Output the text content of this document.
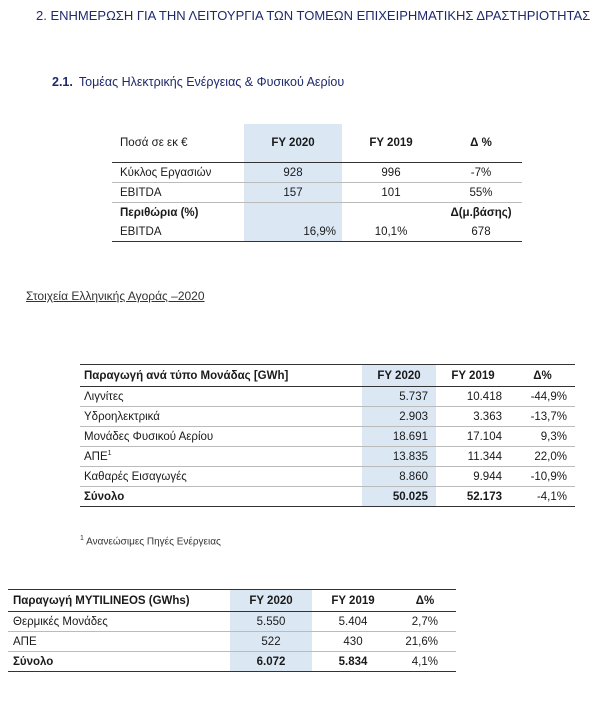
2. ΕΝΗΜΕΡΩΣΗ ΓΙΑ ΤΗΝ ΛΕΙΤΟΥΡΓΙΑ ΤΩΝ ΤΟΜΕΩΝ ΕΠΙΧΕΙΡΗΜΑΤΙΚΗΣ ΔΡΑΣΤΗΡΙΟΤΗΤΑΣ
2.1. Τομέας Ηλεκτρικής Ενέργειας & Φυσικού Αερίου
Ποσά σε εκ €	FY 2020	FY 2019	Δ %
Κύκλος Εργασιών	928	996	-7%
EBITDA	157	101	55%
Περιθώρια (%)			Δ(μ.βάσης)
EBITDA	16,9%	10,1%	678
Στοιχεία Ελληνικής Αγοράς –2020
Παραγωγή ανά τύπο Μονάδας [GWh]	FY 2020	FY 2019	Δ%
Λιγνίτες	5.737	10.418	-44,9%
Υδροηλεκτρικά	2.903	3.363	-13,7%
Μονάδες Φυσικού Αερίου	18.691	17.104	9,3%
ΑΠΕ$^1$	13.835	11.344	22,0%
Καθαρές Εισαγωγές	8.860	9.944	-10,9%
Σύνολο	50.025	52.173	-4,1%
$^1$ Ανανεώσιμες Πηγές Ενέργειας
Παραγωγή MYTILINEOS (GWhs)	FY 2020	FY 2019	Δ%
Θερμικές Μονάδες	5.550	5.404	2,7%
ΑΠΕ	522	430	21,6%
Σύνολο	6.072	5.834	4,1%
